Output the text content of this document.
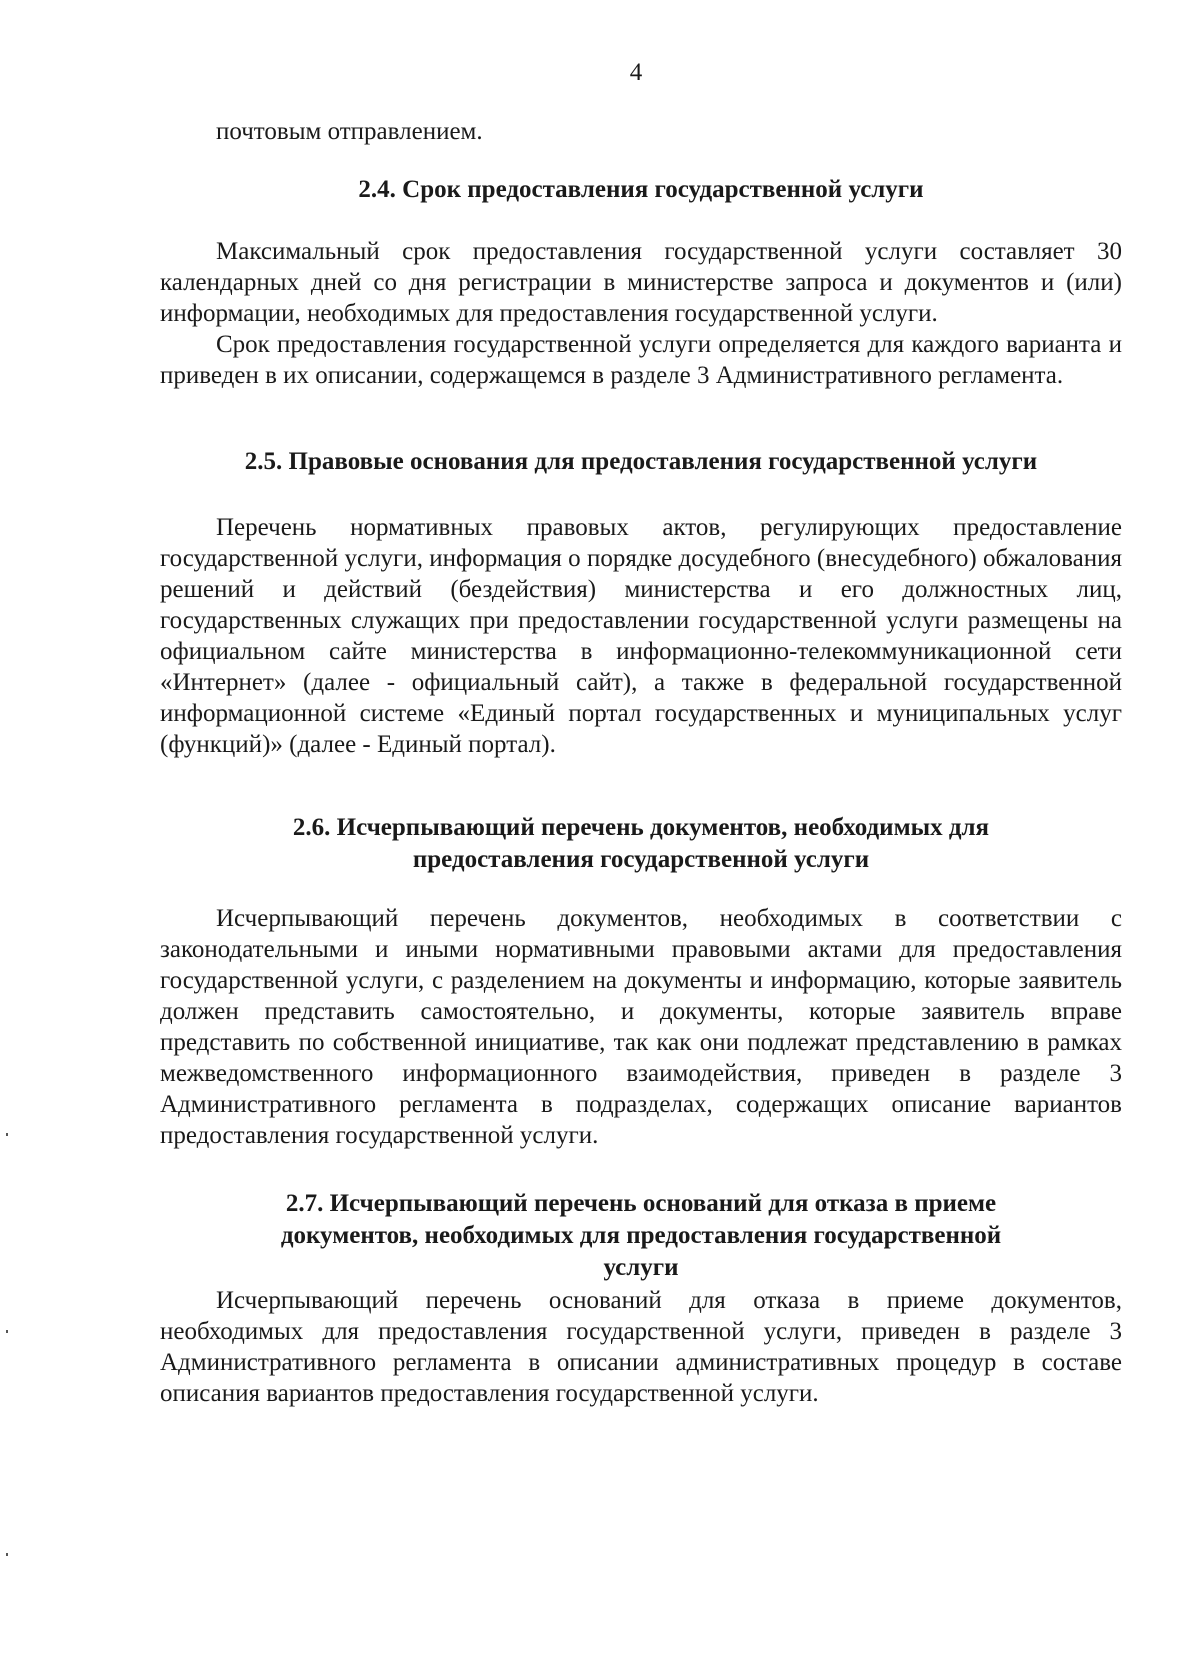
4

почтовым отправлением.

2.4. Срок предоставления государственной услуги

Максимальный срок предоставления государственной услуги составляет 30 календарных дней со дня регистрации в министерстве запроса и документов и (или) информации, необходимых для предоставления государственной услуги.

Срок предоставления государственной услуги определяется для каждого варианта и приведен в их описании, содержащемся в разделе 3 Административного регламента.

2.5. Правовые основания для предоставления государственной услуги

Перечень нормативных правовых актов, регулирующих предоставление государственной услуги, информация о порядке досудебного (внесудебного) обжалования решений и действий (бездействия) министерства и его должностных лиц, государственных служащих при предоставлении государственной услуги размещены на официальном сайте министерства в информационно-телекоммуникационной сети «Интернет» (далее - официальный сайт), а также в федеральной государственной информационной системе «Единый портал государственных и муниципальных услуг (функций)» (далее - Единый портал).

2.6. Исчерпывающий перечень документов, необходимых для
предоставления государственной услуги

Исчерпывающий перечень документов, необходимых в соответствии с законодательными и иными нормативными правовыми актами для предоставления государственной услуги, с разделением на документы и информацию, которые заявитель должен представить самостоятельно, и документы, которые заявитель вправе представить по собственной инициативе, так как они подлежат представлению в рамках межведомственного информационного взаимодействия, приведен в разделе 3 Административного регламента в подразделах, содержащих описание вариантов предоставления государственной услуги.

2.7. Исчерпывающий перечень оснований для отказа в приеме
документов, необходимых для предоставления государственной
услуги

Исчерпывающий перечень оснований для отказа в приеме документов, необходимых для предоставления государственной услуги, приведен в разделе 3 Административного регламента в описании административных процедур в составе описания вариантов предоставления государственной услуги.
